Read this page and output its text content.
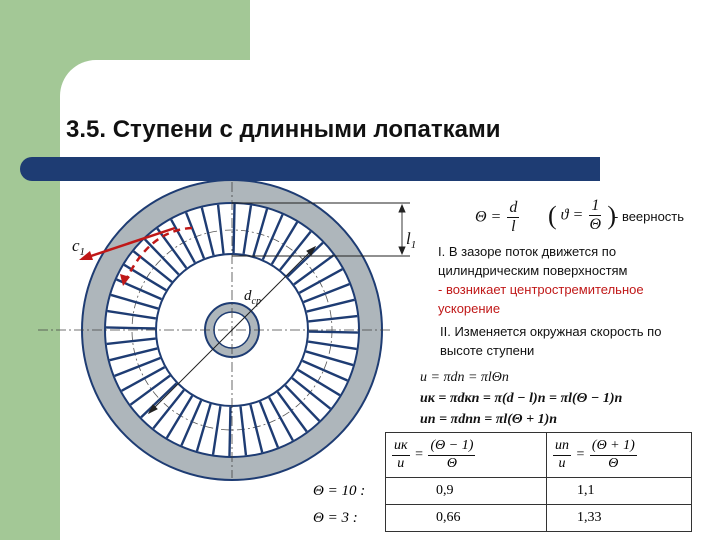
3.5. Ступени с длинными лопатками
$c_1$
$l_1$
$d_{ср}$
$\Theta = \frac{d}{l}$ ( $ϑ = \frac{1}{\Theta}$ )

- веерность

I. В зазоре поток движется по

цилиндрическим поверхностям

- возникает центростремительное

ускорение

II. Изменяется окружная скорость по

высоте ступени

u = πdn = πlΘn

uк = πdкn = π(d − l)n = πl(Θ − 1)n

uп = πdпn = πl(Θ + 1)n

	$\frac{uк}{u} = \frac{(\Theta - 1)}{\Theta}$	$\frac{uп}{u} = \frac{(\Theta + 1)}{\Theta}$

Θ = 10 :	0,9	1,1
Θ = 3 :	0,66	1,33
